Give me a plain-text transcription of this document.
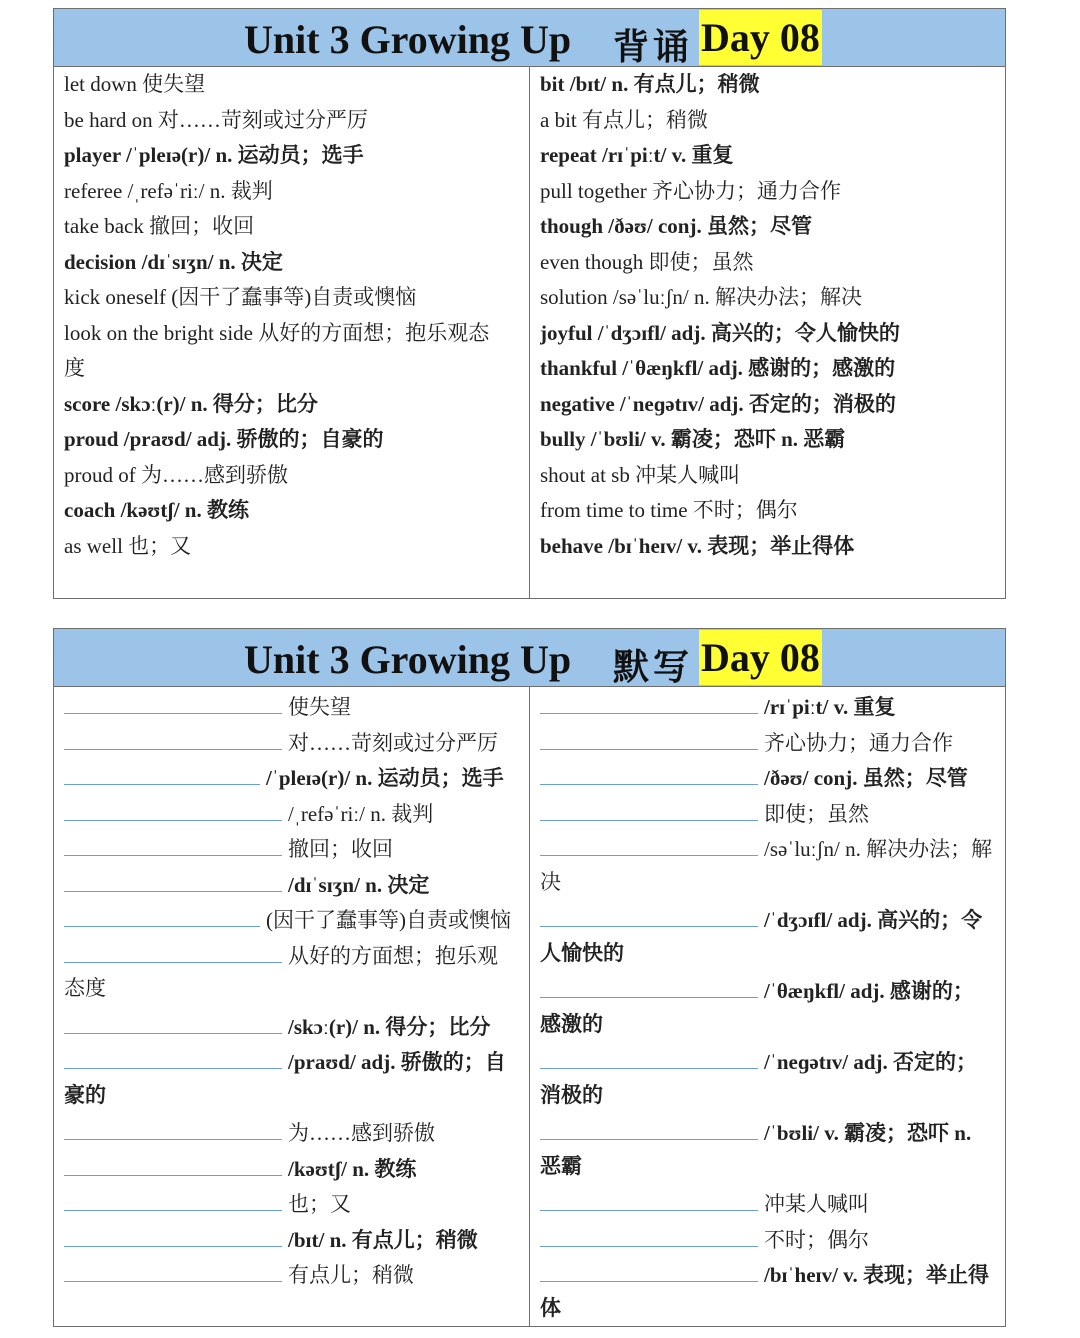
Unit 3 Growing Up 背诵 Day 08
let down 使失望
be hard on 对……苛刻或过分严厉
player /ˈpleɪə(r)/ n. 运动员；选手
referee /ˌrefəˈriː/ n. 裁判
take back 撤回；收回
decision /dɪˈsɪʒn/ n. 决定
kick oneself (因干了蠢事等)自责或懊恼
look on the bright side 从好的方面想；抱乐观态
度
score /skɔː(r)/ n. 得分；比分
proud /praʊd/ adj. 骄傲的；自豪的
proud of 为……感到骄傲
coach /kəʊtʃ/ n. 教练
as well 也；又
bit /bɪt/ n. 有点儿；稍微
a bit 有点儿；稍微
repeat /rɪˈpiːt/ v. 重复
pull together 齐心协力；通力合作
though /ðəʊ/ conj. 虽然；尽管
even though 即使；虽然
solution /səˈluːʃn/ n. 解决办法；解决
joyful /ˈdʒɔɪfl/ adj. 高兴的；令人愉快的
thankful /ˈθæŋkfl/ adj. 感谢的；感激的
negative /ˈneɡətɪv/ adj. 否定的；消极的
bully /ˈbʊli/ v. 霸凌；恐吓 n. 恶霸
shout at sb 冲某人喊叫
from time to time 不时；偶尔
behave /bɪˈheɪv/ v. 表现；举止得体
Unit 3 Growing Up 默写 Day 08
使失望
对……苛刻或过分严厉
/ˈpleɪə(r)/ n. 运动员；选手
/ˌrefəˈriː/ n. 裁判
撤回；收回
/dɪˈsɪʒn/ n. 决定
(因干了蠢事等)自责或懊恼
从好的方面想；抱乐观
态度
/skɔː(r)/ n. 得分；比分
/praʊd/ adj. 骄傲的；自
豪的
为……感到骄傲
/kəʊtʃ/ n. 教练
也；又
/bɪt/ n. 有点儿；稍微
有点儿；稍微
/rɪˈpiːt/ v. 重复
齐心协力；通力合作
/ðəʊ/ conj. 虽然；尽管
即使；虽然
/səˈluːʃn/ n. 解决办法；解
决
/ˈdʒɔɪfl/ adj. 高兴的；令
人愉快的
/ˈθæŋkfl/ adj. 感谢的；
感激的
/ˈneɡətɪv/ adj. 否定的；
消极的
/ˈbʊli/ v. 霸凌；恐吓 n.
恶霸
冲某人喊叫
不时；偶尔
/bɪˈheɪv/ v. 表现；举止得
体
